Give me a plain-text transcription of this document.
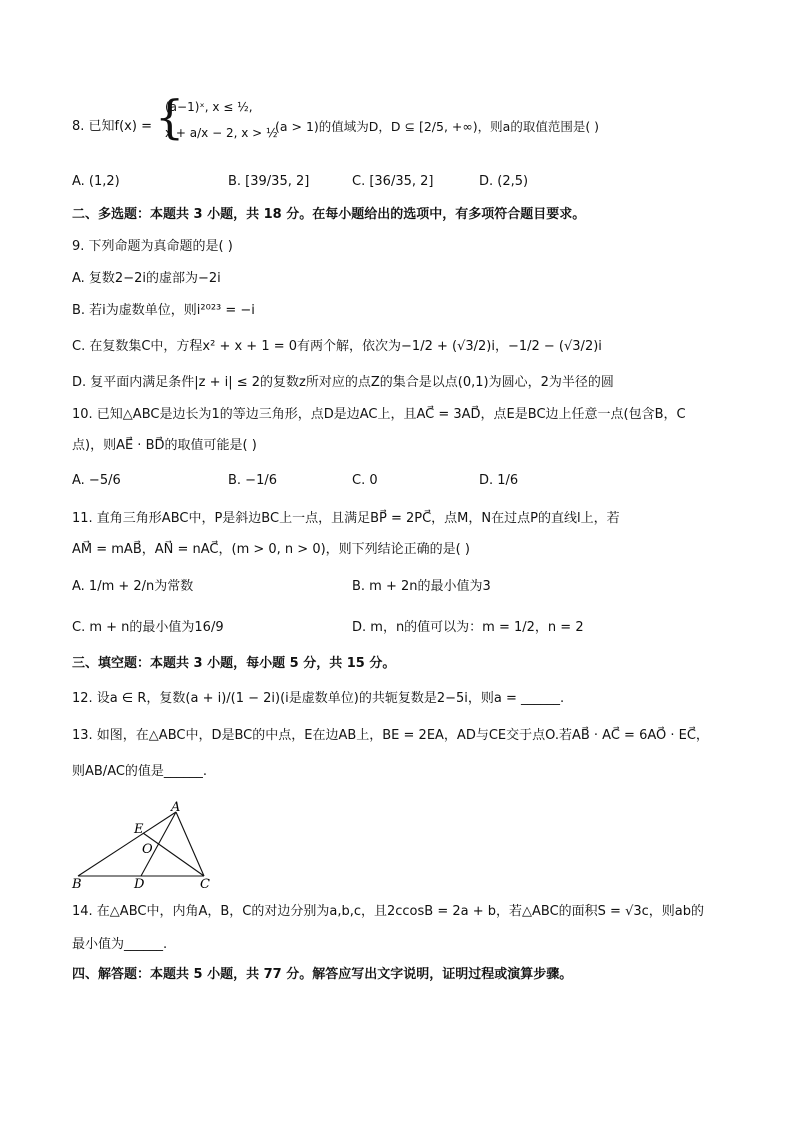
8. 已知f(x) = {
(a−1)ˣ, x ≤ ½,
x + a/x − 2, x > ½
(a > 1)的值域为D，D ⊆ [2/5, +∞)，则a的取值范围是( )
A. (1,2)	B. [39/35, 2]	C. [36/35, 2]	D. (2,5)
二、多选题：本题共 3 小题，共 18 分。在每小题给出的选项中，有多项符合题目要求。
9. 下列命题为真命题的是( )
A. 复数2−2i的虚部为−2i
B. 若i为虚数单位，则i²⁰²³ = −i
C. 在复数集C中，方程x² + x + 1 = 0有两个解，依次为−1/2 + (√3/2)i，−1/2 − (√3/2)i
D. 复平面内满足条件|z + i| ≤ 2的复数z所对应的点Z的集合是以点(0,1)为圆心，2为半径的圆
10. 已知△ABC是边长为1的等边三角形，点D是边AC上，且AC⃗ = 3AD⃗，点E是BC边上任意一点(包含B，C
点)，则AE⃗ · BD⃗的取值可能是( )
A. −5/6	B. −1/6	C. 0	D. 1/6
11. 直角三角形ABC中，P是斜边BC上一点，且满足BP⃗ = 2PC⃗，点M，N在过点P的直线l上，若
AM⃗ = mAB⃗，AN⃗ = nAC⃗，(m > 0, n > 0)，则下列结论正确的是( )
A. 1/m + 2/n为常数	B. m + 2n的最小值为3
C. m + n的最小值为16/9	D. m，n的值可以为：m = 1/2，n = 2
三、填空题：本题共 3 小题，每小题 5 分，共 15 分。
12. 设a ∈ R，复数(a + i)/(1 − 2i)(i是虚数单位)的共轭复数是2−5i，则a = ______.
13. 如图，在△ABC中，D是BC的中点，E在边AB上，BE = 2EA，AD与CE交于点O.若AB⃗ · AC⃗ = 6AO⃗ · EC⃗，
则AB/AC的值是______.
A
E
O
B	D	C
14. 在△ABC中，内角A，B，C的对边分别为a,b,c，且2ccosB = 2a + b，若△ABC的面积S = √3c，则ab的
最小值为______.
四、解答题：本题共 5 小题，共 77 分。解答应写出文字说明，证明过程或演算步骤。
